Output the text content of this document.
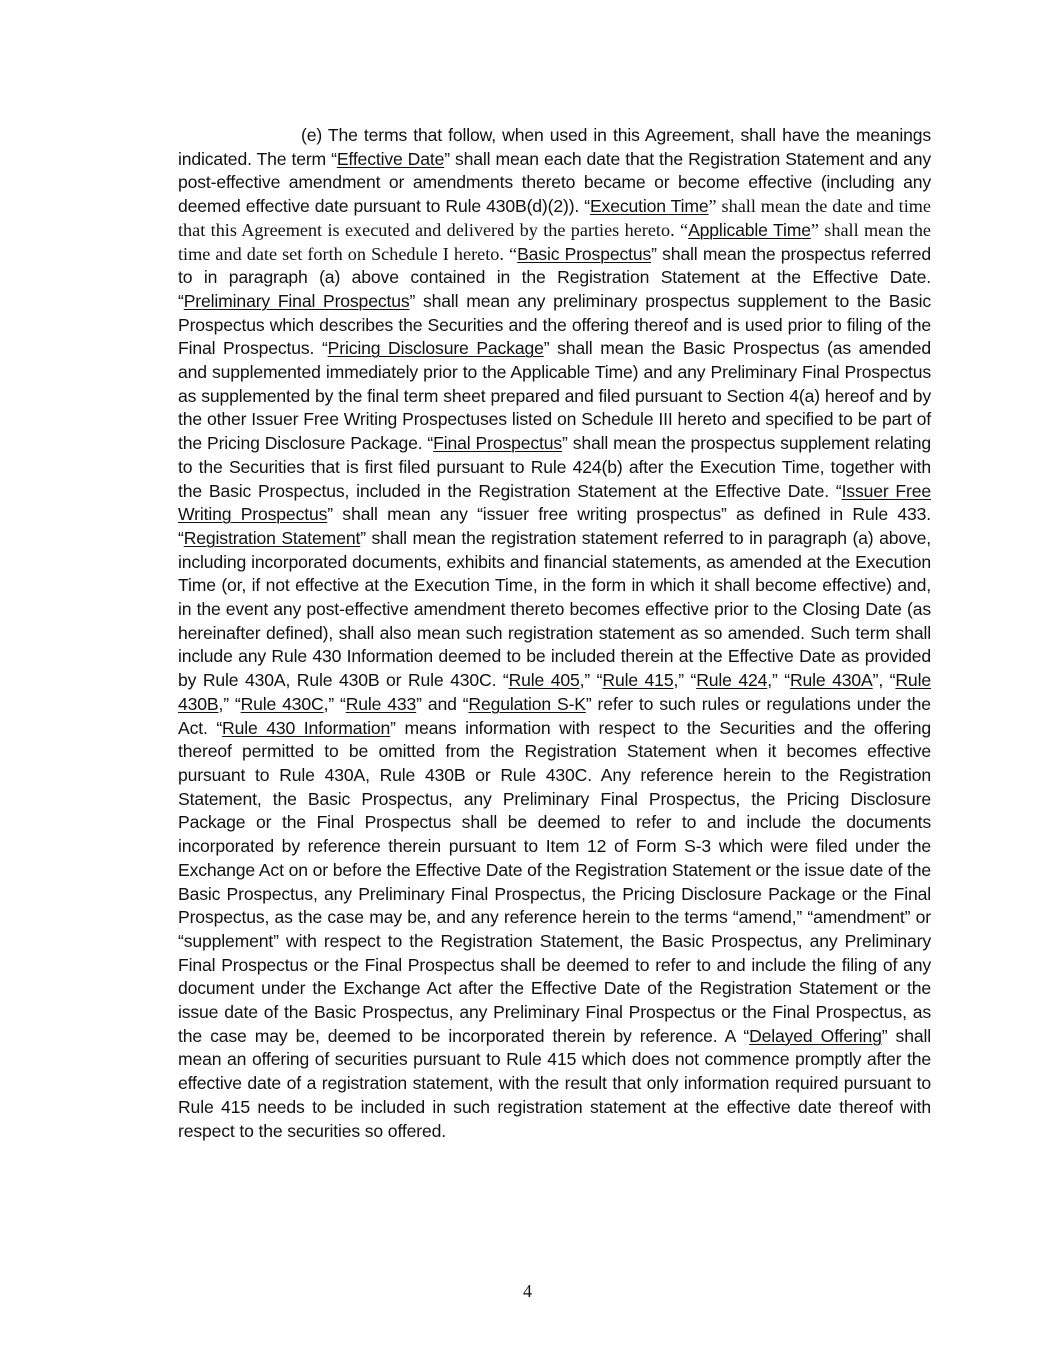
(e) The terms that follow, when used in this Agreement, shall have the meanings indicated. The term “Effective Date” shall mean each date that the Registration Statement and any post-effective amendment or amendments thereto became or become effective (including any deemed effective date pursuant to Rule 430B(d)(2)). “Execution Time” shall mean the date and time that this Agreement is executed and delivered by the parties hereto. “Applicable Time” shall mean the time and date set forth on Schedule I hereto. “Basic Prospectus” shall mean the prospectus referred to in paragraph (a) above contained in the Registration Statement at the Effective Date. “Preliminary Final Prospectus” shall mean any preliminary prospectus supplement to the Basic Prospectus which describes the Securities and the offering thereof and is used prior to filing of the Final Prospectus. “Pricing Disclosure Package” shall mean the Basic Prospectus (as amended and supplemented immediately prior to the Applicable Time) and any Preliminary Final Prospectus as supplemented by the final term sheet prepared and filed pursuant to Section 4(a) hereof and by the other Issuer Free Writing Prospectuses listed on Schedule III hereto and specified to be part of the Pricing Disclosure Package. “Final Prospectus” shall mean the prospectus supplement relating to the Securities that is first filed pursuant to Rule 424(b) after the Execution Time, together with the Basic Prospectus, included in the Registration Statement at the Effective Date. “Issuer Free Writing Prospectus” shall mean any “issuer free writing prospectus” as defined in Rule 433. “Registration Statement” shall mean the registration statement referred to in paragraph (a) above, including incorporated documents, exhibits and financial statements, as amended at the Execution Time (or, if not effective at the Execution Time, in the form in which it shall become effective) and, in the event any post-effective amendment thereto becomes effective prior to the Closing Date (as hereinafter defined), shall also mean such registration statement as so amended. Such term shall include any Rule 430 Information deemed to be included therein at the Effective Date as provided by Rule 430A, Rule 430B or Rule 430C. “Rule 405,” “Rule 415,” “Rule 424,” “Rule 430A”, “Rule 430B,” “Rule 430C,” “Rule 433” and “Regulation S-K” refer to such rules or regulations under the Act. “Rule 430 Information” means information with respect to the Securities and the offering thereof permitted to be omitted from the Registration Statement when it becomes effective pursuant to Rule 430A, Rule 430B or Rule 430C. Any reference herein to the Registration Statement, the Basic Prospectus, any Preliminary Final Prospectus, the Pricing Disclosure Package or the Final Prospectus shall be deemed to refer to and include the documents incorporated by reference therein pursuant to Item 12 of Form S-3 which were filed under the Exchange Act on or before the Effective Date of the Registration Statement or the issue date of the Basic Prospectus, any Preliminary Final Prospectus, the Pricing Disclosure Package or the Final Prospectus, as the case may be, and any reference herein to the terms “amend,” “amendment” or “supplement” with respect to the Registration Statement, the Basic Prospectus, any Preliminary Final Prospectus or the Final Prospectus shall be deemed to refer to and include the filing of any document under the Exchange Act after the Effective Date of the Registration Statement or the issue date of the Basic Prospectus, any Preliminary Final Prospectus or the Final Prospectus, as the case may be, deemed to be incorporated therein by reference. A “Delayed Offering” shall mean an offering of securities pursuant to Rule 415 which does not commence promptly after the effective date of a registration statement, with the result that only information required pursuant to Rule 415 needs to be included in such registration statement at the effective date thereof with respect to the securities so offered.

4
